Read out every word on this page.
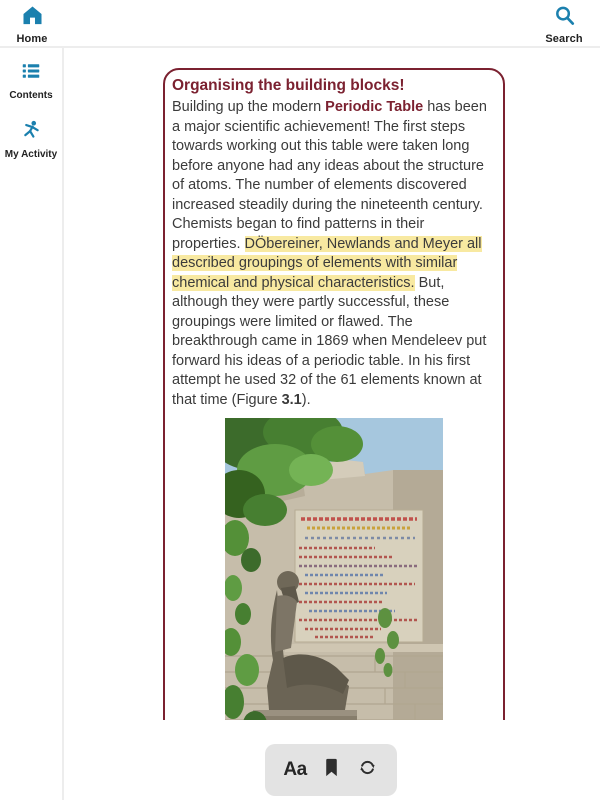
Home	Search
Contents
My Activity
Organising the building blocks!

Building up the modern Periodic Table has been a major scientific achievement! The first steps towards working out this table were taken long before anyone had any ideas about the structure of atoms. The number of elements discovered increased steadily during the nineteenth century. Chemists began to find patterns in their properties. DÖbereiner, Newlands and Meyer all described groupings of elements with similar chemical and physical characteristics. But, although they were partly successful, these groupings were limited or flawed. The breakthrough came in 1869 when Mendeleev put forward his ideas of a periodic table. In his first attempt he used 32 of the 61 elements known at that time (Figure 3.1).

Aa
